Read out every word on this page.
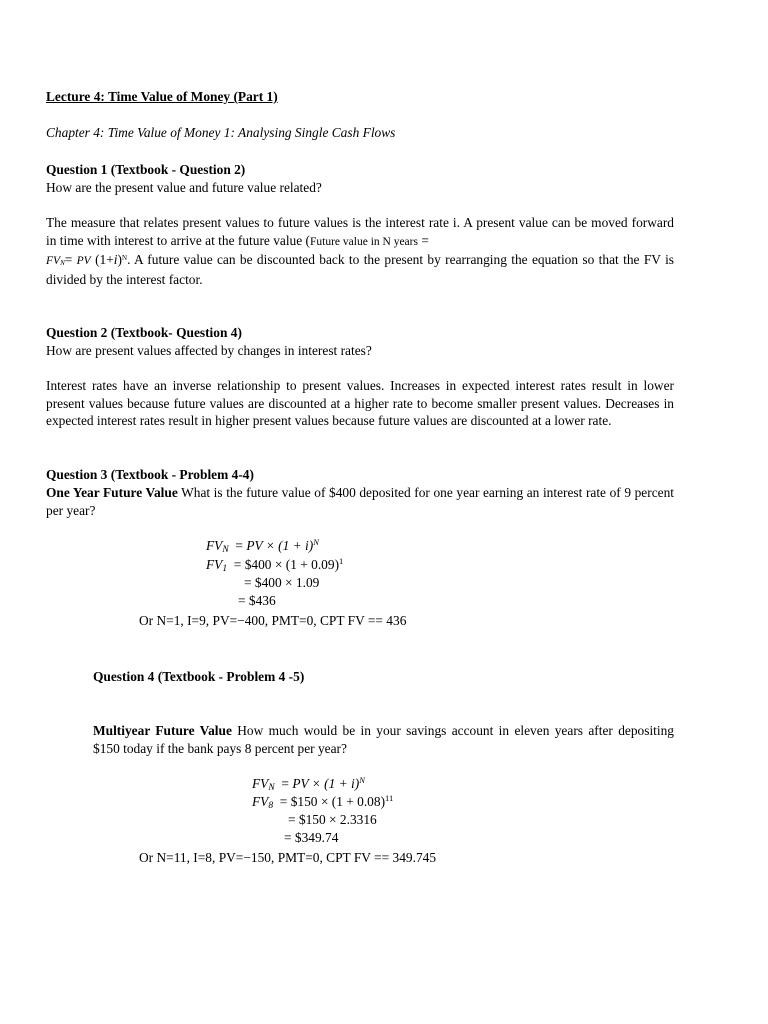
Lecture 4: Time Value of Money (Part 1)
Chapter 4: Time Value of Money 1: Analysing Single Cash Flows
Question 1 (Textbook - Question 2)
How are the present value and future value related?
The measure that relates present values to future values is the interest rate i. A present value can be moved forward in time with interest to arrive at the future value (Future value in N years =
FVN= PV $(1+i)^N$. A future value can be discounted back to the present by rearranging the equation so that the FV is divided by the interest factor.
Question 2 (Textbook- Question 4)
How are present values affected by changes in interest rates?
Interest rates have an inverse relationship to present values. Increases in expected interest rates result in lower present values because future values are discounted at a higher rate to become smaller present values. Decreases in expected interest rates result in higher present values because future values are discounted at a lower rate.
Question 3 (Textbook - Problem 4-4)
One Year Future Value What is the future value of $400 deposited for one year earning an interest rate of 9 percent per year?
$FV_N$  = PV × $(1 + i)^N$
$FV_1$  = $400 × $(1 + 0.09)^1$
= $400 × 1.09
= $436
Or N=1, I=9, PV=−400, PMT=0, CPT FV == 436
Question 4 (Textbook - Problem 4 -5)
Multiyear Future Value How much would be in your savings account in eleven years after depositing $150 today if the bank pays 8 percent per year?
$FV_N$  = PV × $(1 + i)^N$
$FV_8$  = $150 × $(1 + 0.08)^{11}$
= $150 × 2.3316
= $349.74
Or N=11, I=8, PV=−150, PMT=0, CPT FV == 349.745
